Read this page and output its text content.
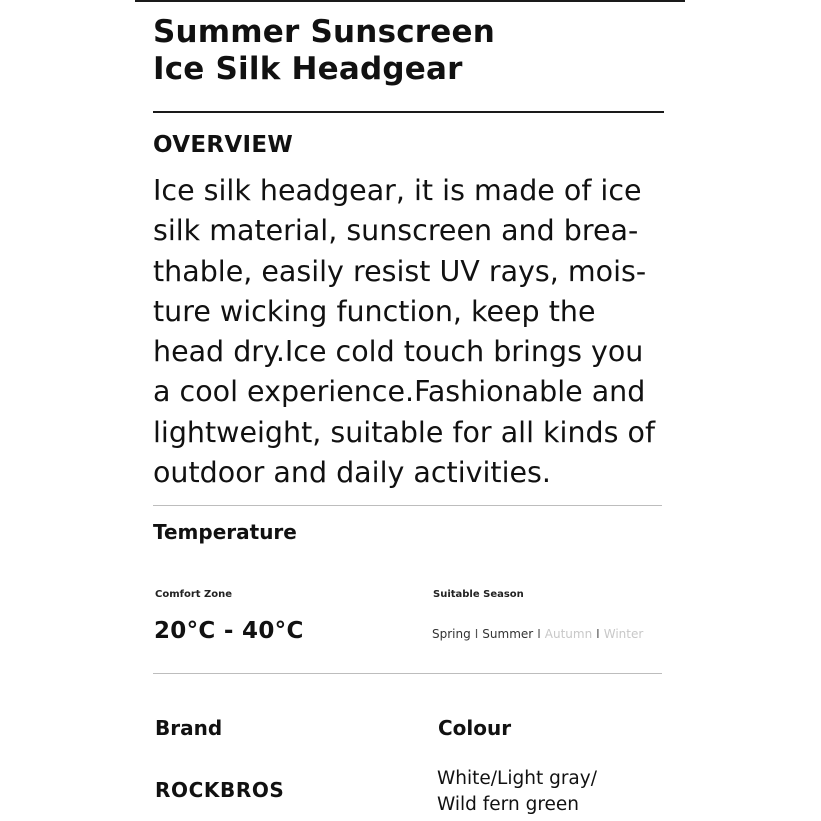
Summer Sunscreen
Ice Silk Headgear
OVERVIEW

Ice silk headgear, it is made of ice
silk material, sunscreen and brea-
thable, easily resist UV rays, mois-
ture wicking function, keep the
head dry.Ice cold touch brings you
a cool experience.Fashionable and
lightweight, suitable for all kinds of
outdoor and daily activities.

Temperature
Comfort Zone	Suitable Season
20°C - 40°C	Spring I Summer I Autumn I Winter
Brand	Colour
ROCKBROS	White/Light gray/
Wild fern green
